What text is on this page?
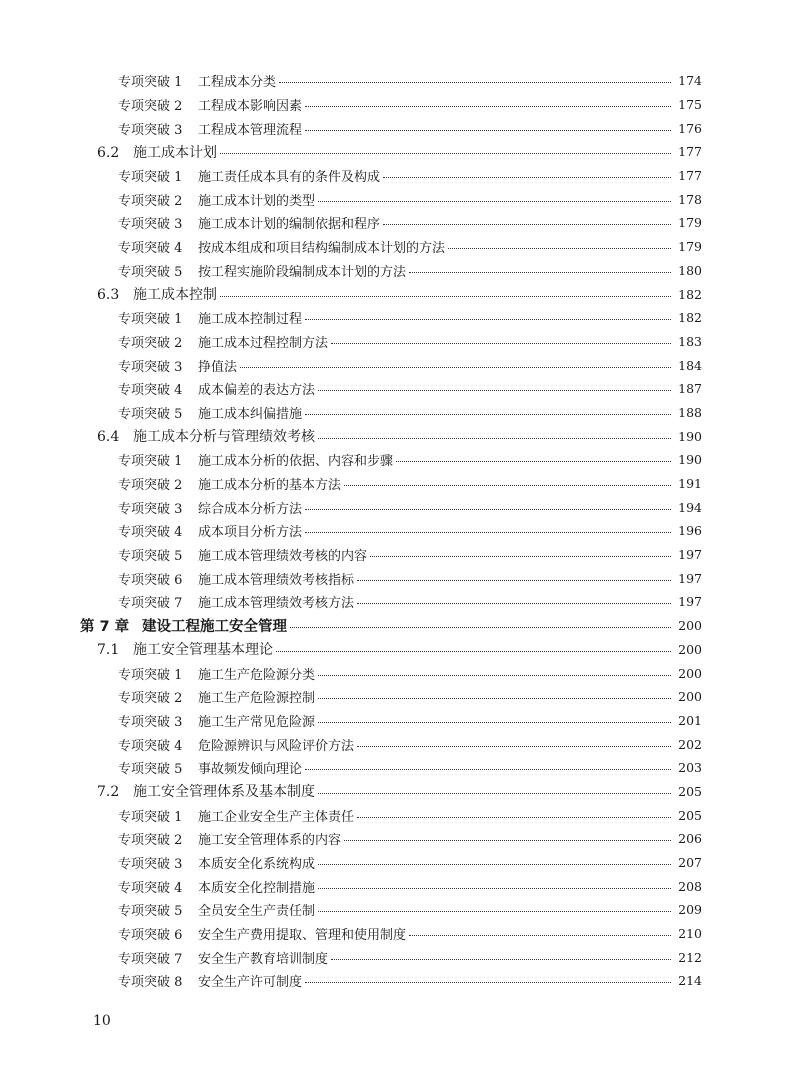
专项突破 1 工程成本分类	174
专项突破 2 工程成本影响因素	175
专项突破 3 工程成本管理流程	176
6.2 施工成本计划	177
专项突破 1 施工责任成本具有的条件及构成	177
专项突破 2 施工成本计划的类型	178
专项突破 3 施工成本计划的编制依据和程序	179
专项突破 4 按成本组成和项目结构编制成本计划的方法	179
专项突破 5 按工程实施阶段编制成本计划的方法	180
6.3 施工成本控制	182
专项突破 1 施工成本控制过程	182
专项突破 2 施工成本过程控制方法	183
专项突破 3 挣值法	184
专项突破 4 成本偏差的表达方法	187
专项突破 5 施工成本纠偏措施	188
6.4 施工成本分析与管理绩效考核	190
专项突破 1 施工成本分析的依据、内容和步骤	190
专项突破 2 施工成本分析的基本方法	191
专项突破 3 综合成本分析方法	194
专项突破 4 成本项目分析方法	196
专项突破 5 施工成本管理绩效考核的内容	197
专项突破 6 施工成本管理绩效考核指标	197
专项突破 7 施工成本管理绩效考核方法	197
第 7 章 建设工程施工安全管理	200
7.1 施工安全管理基本理论	200
专项突破 1 施工生产危险源分类	200
专项突破 2 施工生产危险源控制	200
专项突破 3 施工生产常见危险源	201
专项突破 4 危险源辨识与风险评价方法	202
专项突破 5 事故频发倾向理论	203
7.2 施工安全管理体系及基本制度	205
专项突破 1 施工企业安全生产主体责任	205
专项突破 2 施工安全管理体系的内容	206
专项突破 3 本质安全化系统构成	207
专项突破 4 本质安全化控制措施	208
专项突破 5 全员安全生产责任制	209
专项突破 6 安全生产费用提取、管理和使用制度	210
专项突破 7 安全生产教育培训制度	212
专项突破 8 安全生产许可制度	214
10
